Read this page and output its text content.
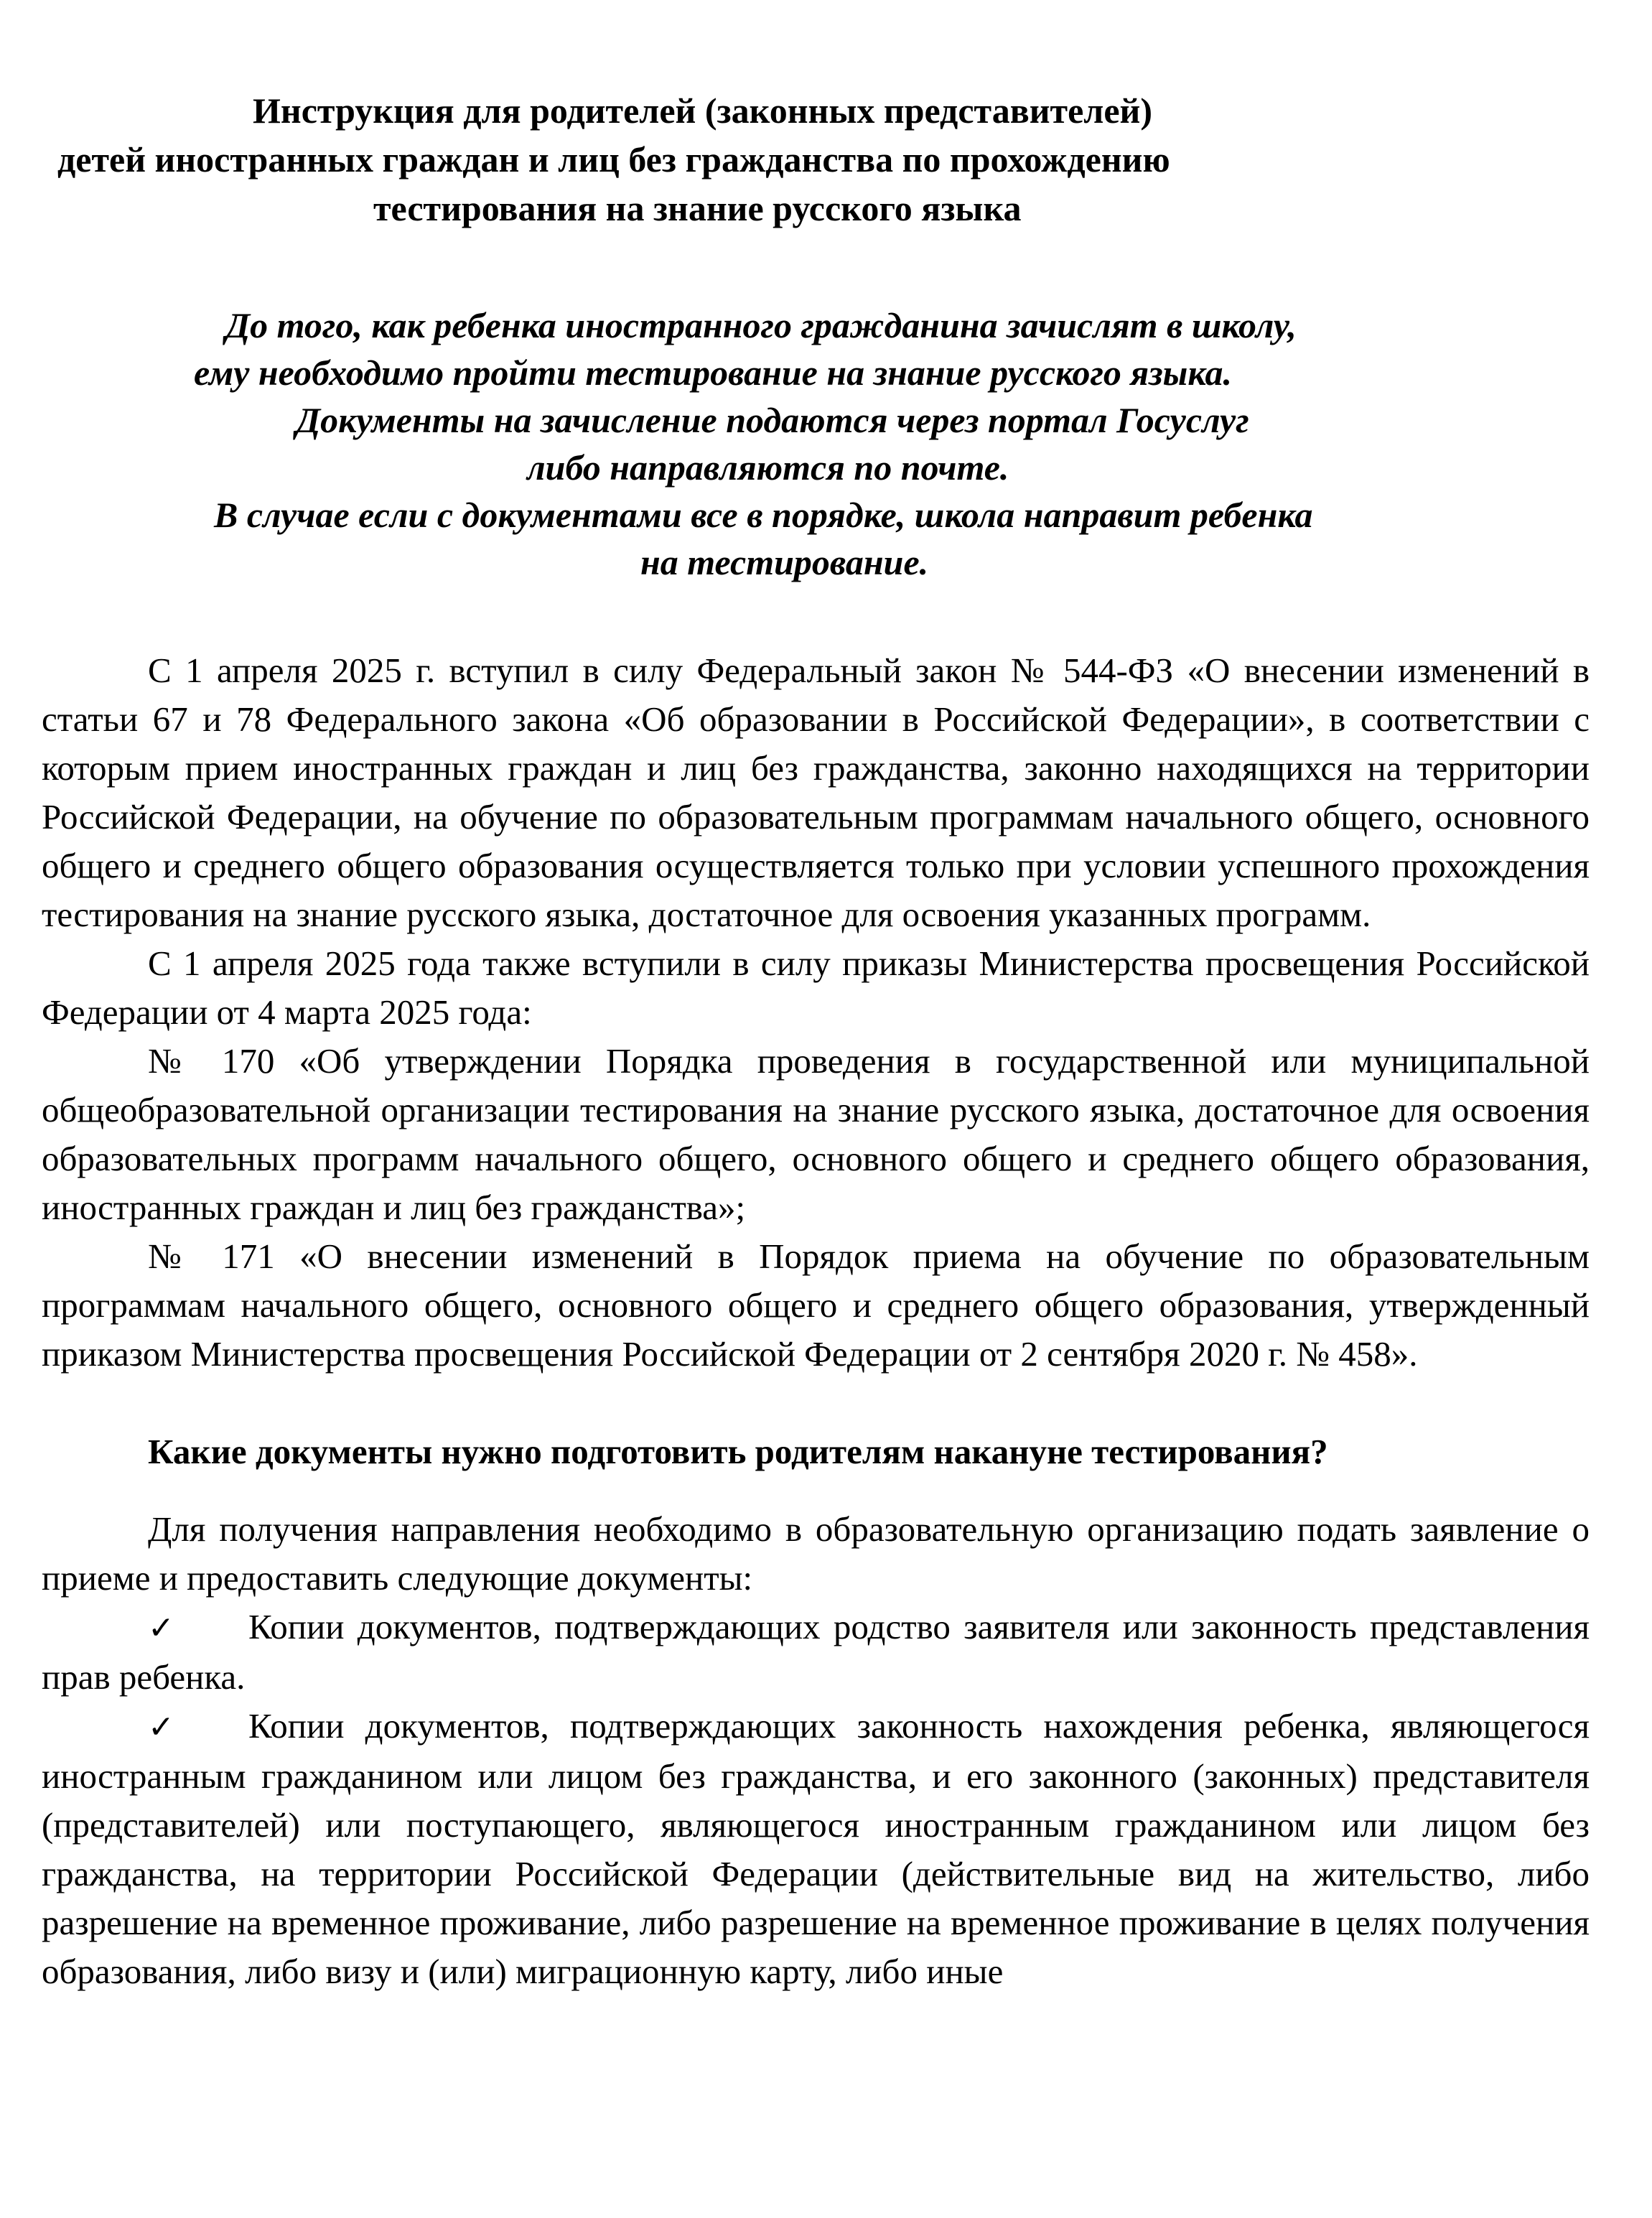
Инструкция для родителей (законных представителей)
детей иностранных граждан и лиц без гражданства по прохождению
тестирования на знание русского языка
До того, как ребенка иностранного гражданина зачислят в школу,
ему необходимо пройти тестирование на знание русского языка.
Документы на зачисление подаются через портал Госуслуг
либо направляются по почте.
В случае если с документами все в порядке, школа направит ребенка
на тестирование.

С 1 апреля 2025 г. вступил в силу Федеральный закон № 544-ФЗ «О внесении изменений в статьи 67 и 78 Федерального закона «Об образовании в Российской Федерации», в соответствии с которым прием иностранных граждан и лиц без гражданства, законно находящихся на территории Российской Федерации, на обучение по образовательным программам начального общего, основного общего и среднего общего образования осуществляется только при условии успешного прохождения тестирования на знание русского языка, достаточное для освоения указанных программ.

С 1 апреля 2025 года также вступили в силу приказы Министерства просвещения Российской Федерации от 4 марта 2025 года:

№ 170 «Об утверждении Порядка проведения в государственной или муниципальной общеобразовательной организации тестирования на знание русского языка, достаточное для освоения образовательных программ начального общего, основного общего и среднего общего образования, иностранных граждан и лиц без гражданства»;

№ 171 «О внесении изменений в Порядок приема на обучение по образовательным программам начального общего, основного общего и среднего общего образования, утвержденный приказом Министерства просвещения Российской Федерации от 2 сентября 2020 г. № 458».

Какие документы нужно подготовить родителям накануне тестирования?

Для получения направления необходимо в образовательную организацию подать заявление о приеме и предоставить следующие документы:

✓ Копии документов, подтверждающих родство заявителя или законность представления прав ребенка.

✓ Копии документов, подтверждающих законность нахождения ребенка, являющегося иностранным гражданином или лицом без гражданства, и его законного (законных) представителя (представителей) или поступающего, являющегося иностранным гражданином или лицом без гражданства, на территории Российской Федерации (действительные вид на жительство, либо разрешение на временное проживание, либо разрешение на временное проживание в целях получения образования, либо визу и (или) миграционную карту, либо иные
